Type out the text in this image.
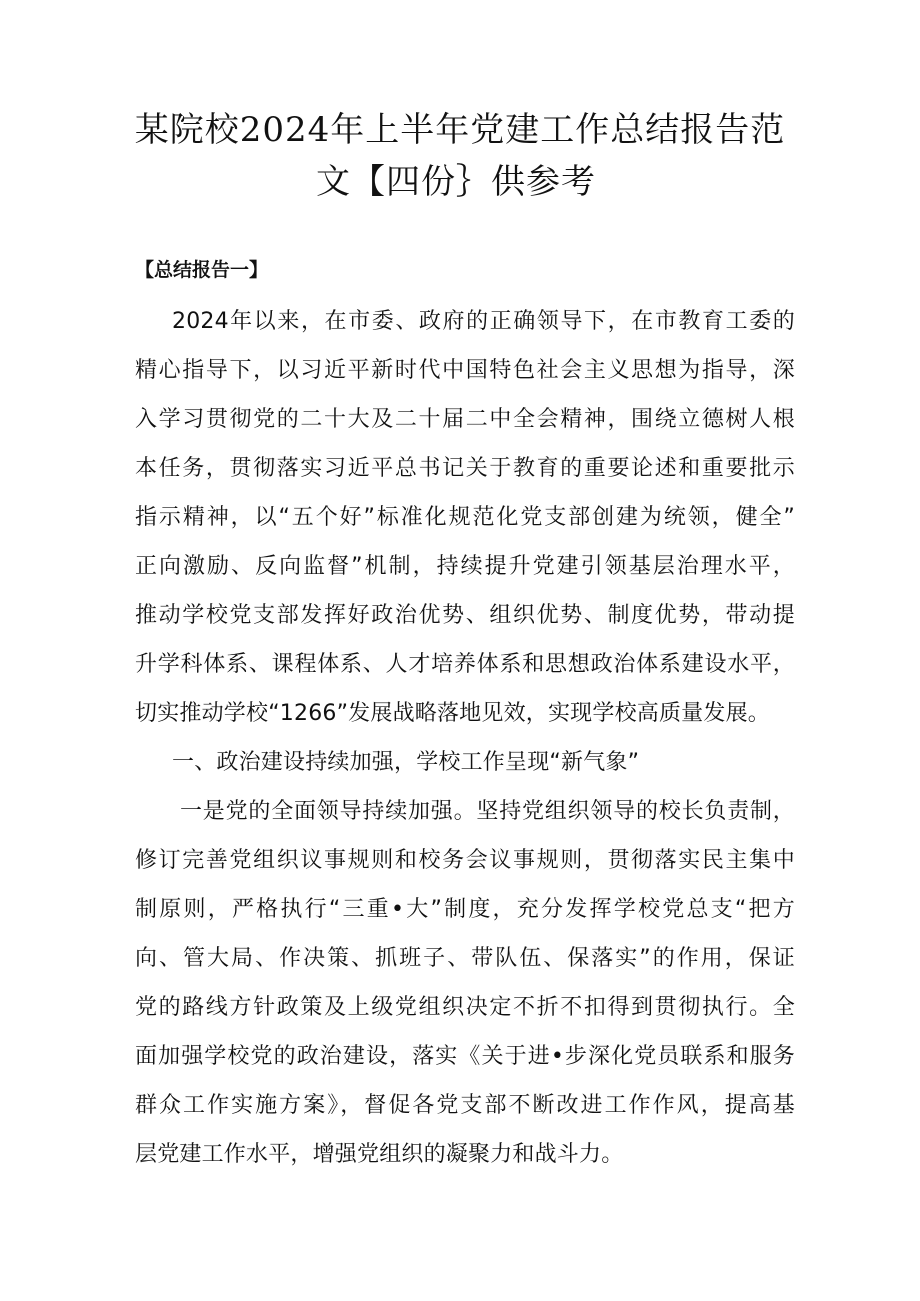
某院校2024年上半年党建工作总结报告范
文【四份｝供参考
【总结报告一】
2024年以来，在市委、政府的正确领导下，在市教育工委的
精心指导下，以习近平新时代中国特色社会主义思想为指导，深
入学习贯彻党的二十大及二十届二中全会精神，围绕立德树人根
本任务，贯彻落实习近平总书记关于教育的重要论述和重要批示
指示精神，以“五个好”标准化规范化党支部创建为统领，健全”
正向激励、反向监督”机制，持续提升党建引领基层治理水平，
推动学校党支部发挥好政治优势、组织优势、制度优势，带动提
升学科体系、课程体系、人才培养体系和思想政治体系建设水平，
切实推动学校“1266”发展战略落地见效，实现学校高质量发展。
一、政治建设持续加强，学校工作呈现“新气象”
一是党的全面领导持续加强。坚持党组织领导的校长负责制，
修订完善党组织议事规则和校务会议事规则，贯彻落实民主集中
制原则，严格执行“三重•大”制度，充分发挥学校党总支“把方
向、管大局、作决策、抓班子、带队伍、保落实”的作用，保证
党的路线方针政策及上级党组织决定不折不扣得到贯彻执行。全
面加强学校党的政治建设，落实《关于进•步深化党员联系和服务
群众工作实施方案》，督促各党支部不断改进工作作风，提高基
层党建工作水平，增强党组织的凝聚力和战斗力。
